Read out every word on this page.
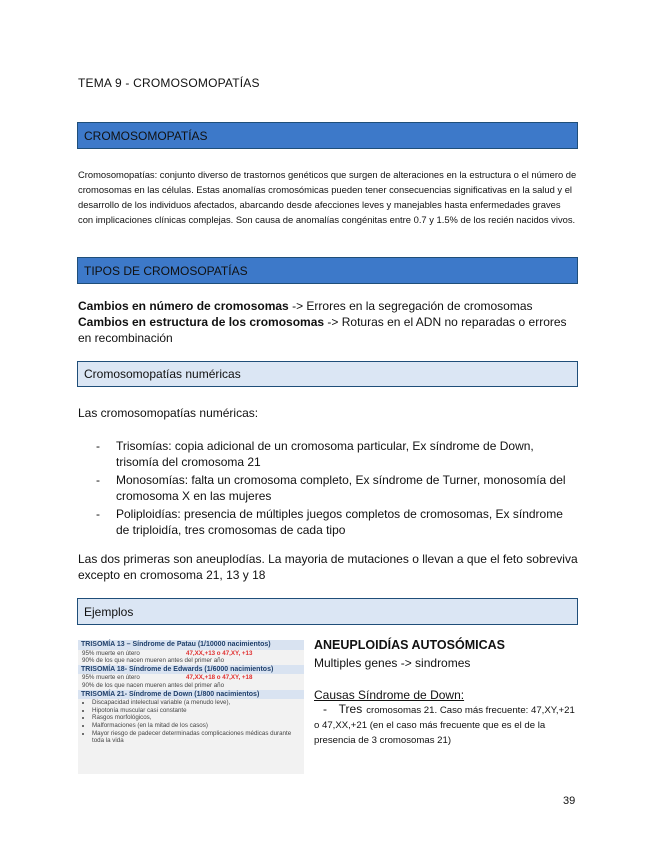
TEMA 9 - CROMOSOMOPATÍAS
CROMOSOMOPATÍAS
Cromosomopatías: conjunto diverso de trastornos genéticos que surgen de alteraciones en la estructura o el número de cromosomas en las células. Estas anomalías cromosómicas pueden tener consecuencias significativas en la salud y el desarrollo de los individuos afectados, abarcando desde afecciones leves y manejables hasta enfermedades graves con implicaciones clínicas complejas. Son causa de anomalías congénitas entre 0.7 y 1.5% de los recién nacidos vivos.
TIPOS DE CROMOSOPATÍAS
Cambios en número de cromosomas -> Errores en la segregación de cromosomas
Cambios en estructura de los cromosomas -> Roturas en el ADN no reparadas o errores en recombinación
Cromosomopatías numéricas
Las cromosomopatías numéricas:
- Trisomías: copia adicional de un cromosoma particular, Ex síndrome de Down, trisomía del cromosoma 21
- Monosomías: falta un cromosoma completo, Ex síndrome de Turner, monosomía del cromosoma X en las mujeres
- Poliploidías: presencia de múltiples juegos completos de cromosomas, Ex síndrome de triploidía, tres cromosomas de cada tipo
Las dos primeras son aneuplodías. La mayoria de mutaciones o llevan a que el feto sobreviva excepto en cromosoma 21, 13 y 18
Ejemplos
TRISOMÍA 13 – Síndrome de Patau (1/10000 nacimientos)
95% muerte en útero	47,XX,+13 o 47,XY, +13
90% de los que nacen mueren antes del primer año
TRISOMÍA 18- Síndrome de Edwards (1/6000 nacimientos)
95% muerte en útero	47,XX,+18 o 47,XY, +18
90% de los que nacen mueren antes del primer año
TRISOMÍA 21- Síndrome de Down (1/800 nacimientos)
• Discapacidad intelectual variable (a menudo leve),
• Hipotonía muscular casi constante
• Rasgos morfológicos,
• Malformaciones (en la mitad de los casos)
• Mayor riesgo de padecer determinadas complicaciones médicas durante toda la vida
ANEUPLOIDÍAS AUTOSÓMICAS
Multiples genes -> sindromes
Causas Síndrome de Down:
- Tres cromosomas 21. Caso más frecuente: 47,XY,+21 o 47,XX,+21 (en el caso más frecuente que es el de la presencia de 3 cromosomas 21)
39
